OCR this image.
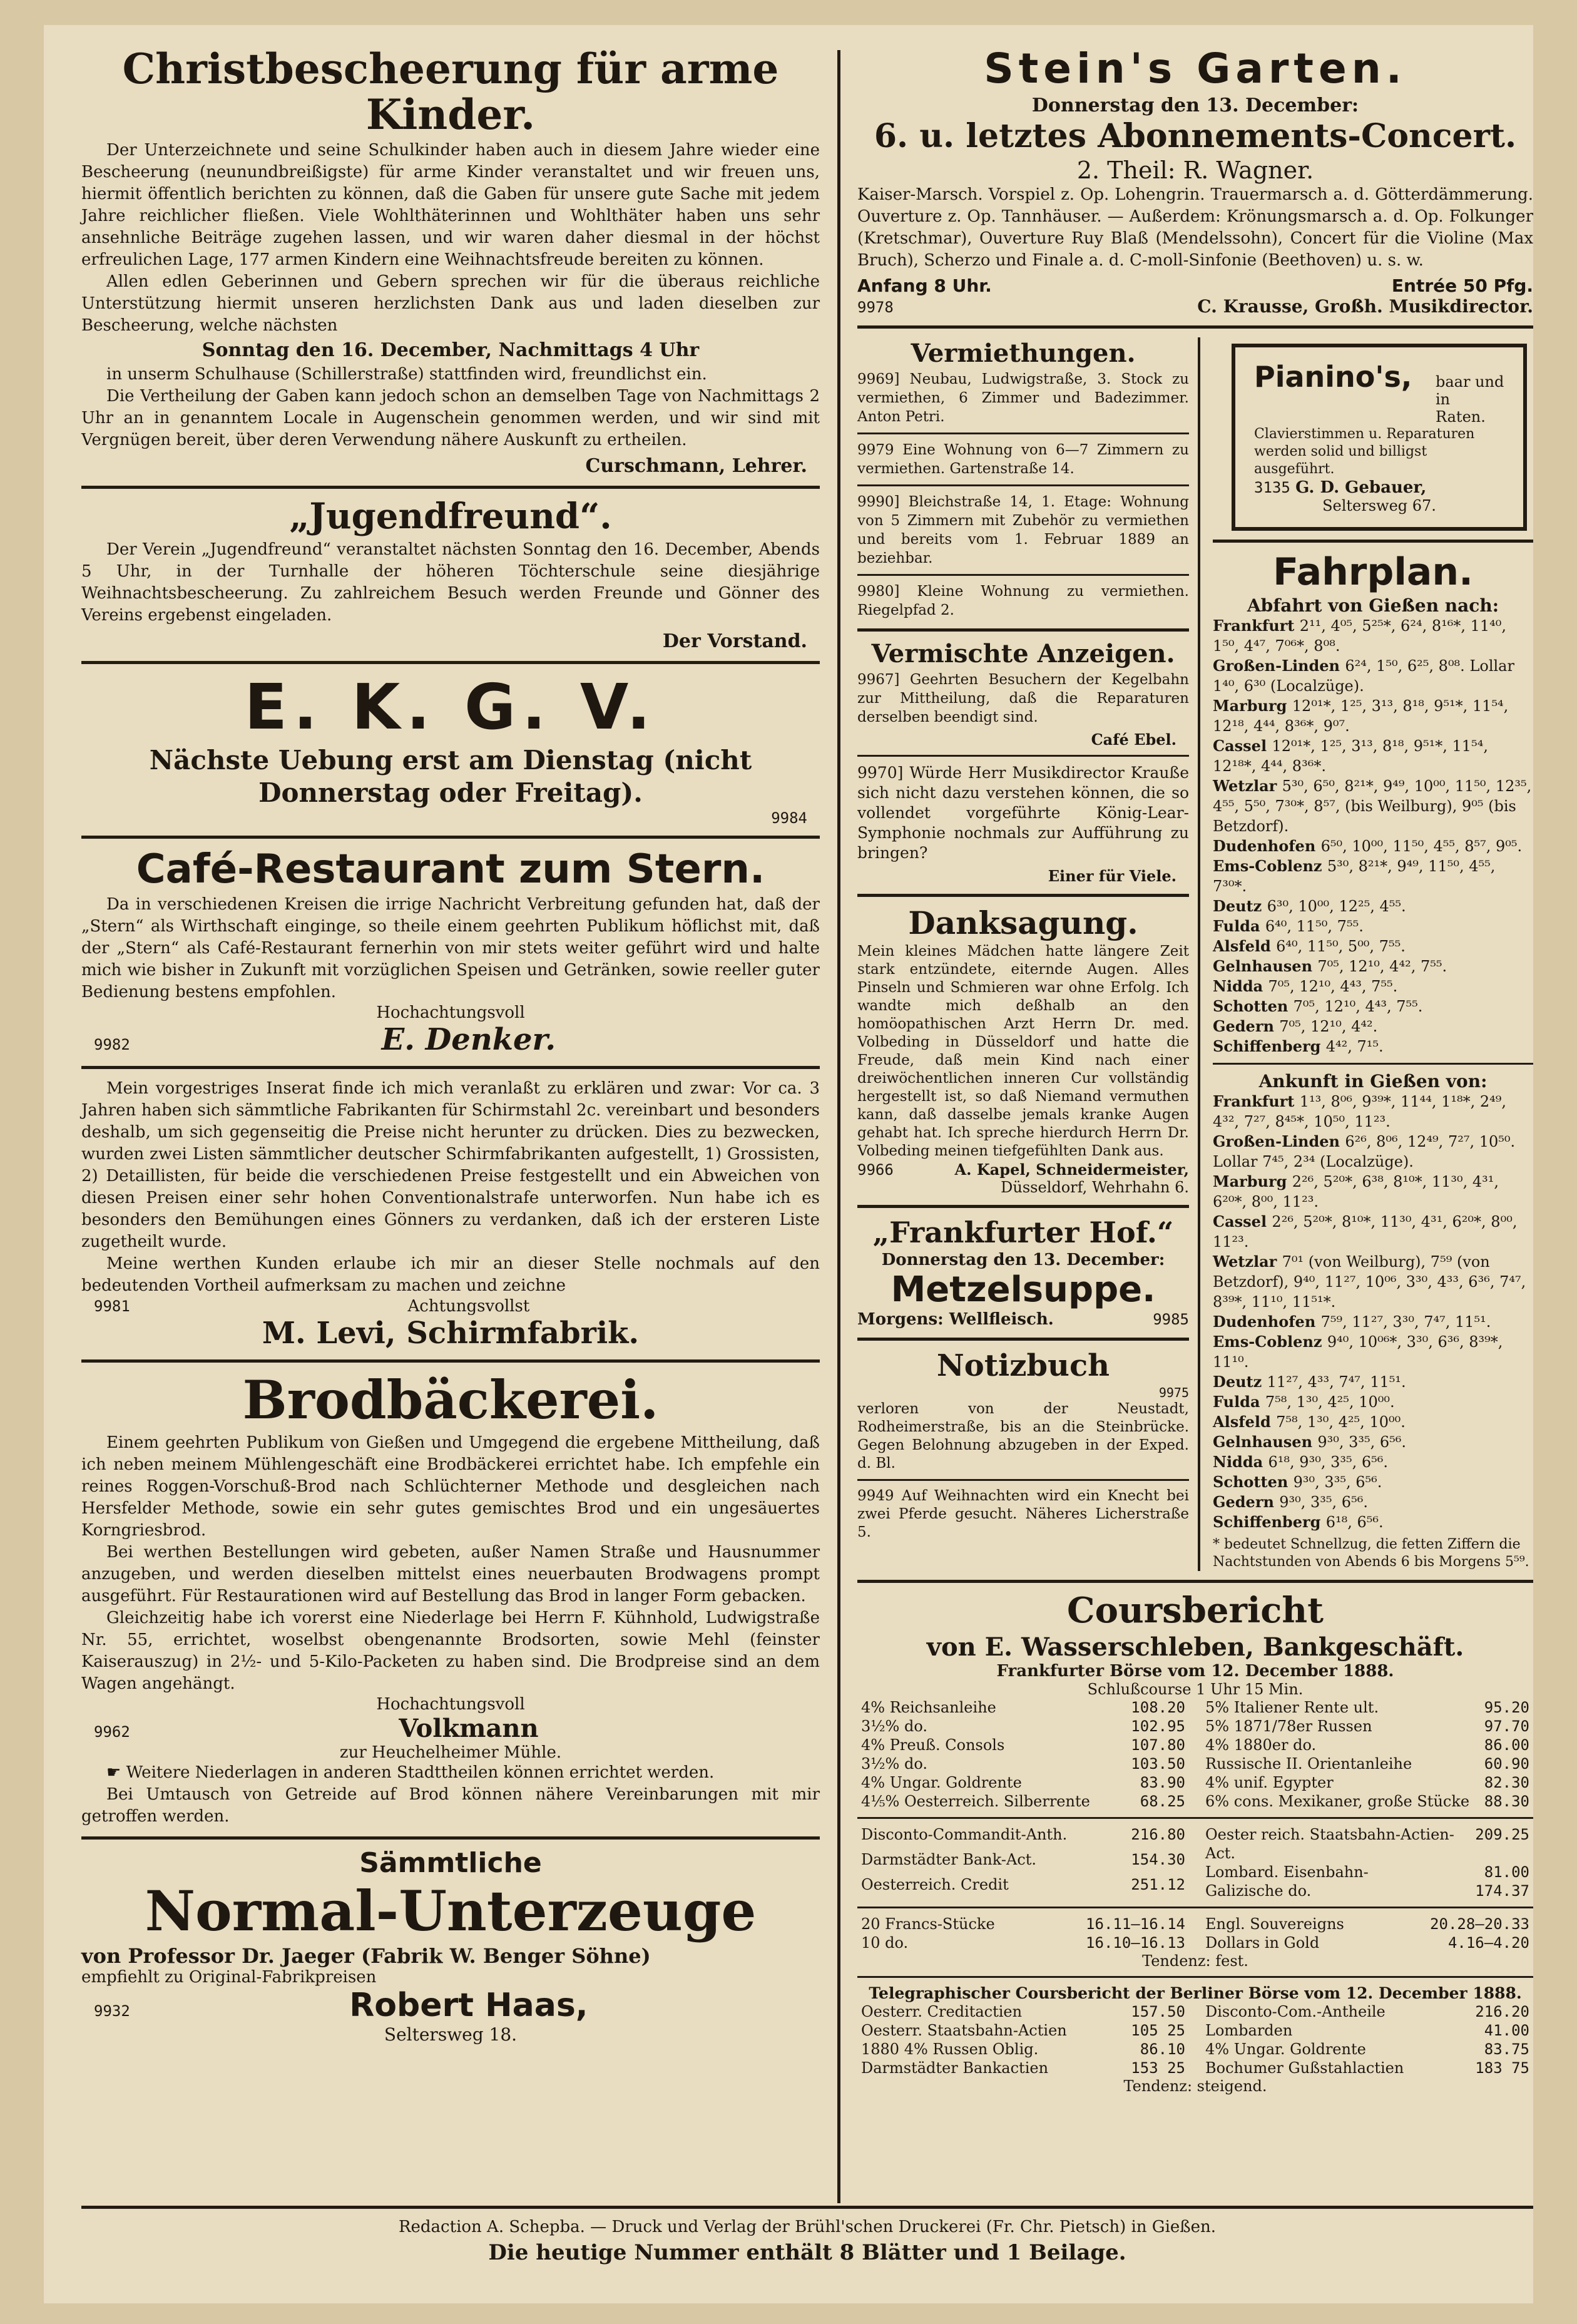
Christbescheerung für arme Kinder.

Der Unterzeichnete und seine Schulkinder haben auch in diesem Jahre wieder eine Bescheerung (neunundbreißigste) für arme Kinder veranstaltet und wir freuen uns, hiermit öffentlich berichten zu können, daß die Gaben für unsere gute Sache mit jedem Jahre reichlicher fließen. Viele Wohlthäterinnen und Wohlthäter haben uns sehr ansehnliche Beiträge zugehen lassen, und wir waren daher diesmal in der höchst erfreulichen Lage, 177 armen Kindern eine Weihnachtsfreude bereiten zu können.

Allen edlen Geberinnen und Gebern sprechen wir für die überaus reichliche Unterstützung hiermit unseren herzlichsten Dank aus und laden dieselben zur Bescheerung, welche nächsten

Sonntag den 16. December, Nachmittags 4 Uhr

in unserm Schulhause (Schillerstraße) stattfinden wird, freundlichst ein.

Die Vertheilung der Gaben kann jedoch schon an demselben Tage von Nachmittags 2 Uhr an in genanntem Locale in Augenschein genommen werden, und wir sind mit Vergnügen bereit, über deren Verwendung nähere Auskunft zu ertheilen.

Curschmann, Lehrer.
„Jugendfreund“.

Der Verein „Jugendfreund“ veranstaltet nächsten Sonntag den 16. December, Abends 5 Uhr, in der Turnhalle der höheren Töchterschule seine diesjährige Weihnachtsbescheerung. Zu zahlreichem Besuch werden Freunde und Gönner des Vereins ergebenst eingeladen.

Der Vorstand.
E. K. G. V.
Nächste Uebung erst am Dienstag (nicht Donnerstag oder Freitag).
9984
Café-Restaurant zum Stern.

Da in verschiedenen Kreisen die irrige Nachricht Verbreitung gefunden hat, daß der „Stern“ als Wirthschaft einginge, so theile einem geehrten Publikum höflichst mit, daß der „Stern“ als Café-Restaurant fernerhin von mir stets weiter geführt wird und halte mich wie bisher in Zukunft mit vorzüglichen Speisen und Getränken, sowie reeller guter Bedienung bestens empfohlen.

Hochachtungsvoll
9982	E. Denker.

Mein vorgestriges Inserat finde ich mich veranlaßt zu erklären und zwar: Vor ca. 3 Jahren haben sich sämmtliche Fabrikanten für Schirmstahl 2c. vereinbart und besonders deshalb, um sich gegenseitig die Preise nicht herunter zu drücken. Dies zu bezwecken, wurden zwei Listen sämmtlicher deutscher Schirmfabrikanten aufgestellt, 1) Grossisten, 2) Detaillisten, für beide die verschiedenen Preise festgestellt und ein Abweichen von diesen Preisen einer sehr hohen Conventionalstrafe unterworfen. Nun habe ich es besonders den Bemühungen eines Gönners zu verdanken, daß ich der ersteren Liste zugetheilt wurde.

Meine werthen Kunden erlaube ich mir an dieser Stelle nochmals auf den bedeutenden Vortheil aufmerksam zu machen und zeichne

9981	Achtungsvollst
M. Levi, Schirmfabrik.
Brodbäckerei.

Einem geehrten Publikum von Gießen und Umgegend die ergebene Mittheilung, daß ich neben meinem Mühlengeschäft eine Brodbäckerei errichtet habe. Ich empfehle ein reines Roggen-Vorschuß-Brod nach Schlüchterner Methode und desgleichen nach Hersfelder Methode, sowie ein sehr gutes gemischtes Brod und ein ungesäuertes Korngriesbrod.

Bei werthen Bestellungen wird gebeten, außer Namen Straße und Hausnummer anzugeben, und werden dieselben mittelst eines neuerbauten Brodwagens prompt ausgeführt. Für Restaurationen wird auf Bestellung das Brod in langer Form gebacken.

Gleichzeitig habe ich vorerst eine Niederlage bei Herrn F. Kühnhold, Ludwigstraße Nr. 55, errichtet, woselbst obengenannte Brodsorten, sowie Mehl (feinster Kaiserauszug) in 2½- und 5-Kilo-Packeten zu haben sind. Die Brodpreise sind an dem Wagen angehängt.

Hochachtungsvoll
9962	Volkmann
zur Heuchelheimer Mühle.

☛ Weitere Niederlagen in anderen Stadttheilen können errichtet werden.

Bei Umtausch von Getreide auf Brod können nähere Vereinbarungen mit mir getroffen werden.

Sämmtliche
Normal-Unterzeuge
von Professor Dr. Jaeger (Fabrik W. Benger Söhne)
empfiehlt zu Original-Fabrikpreisen
9932	Robert Haas,
Seltersweg 18.
Stein's Garten.
Donnerstag den 13. December:
6. u. letztes Abonnements-Concert.
2. Theil: R. Wagner.
Kaiser-Marsch. Vorspiel z. Op. Lohengrin. Trauermarsch a. d. Götterdämmerung. Ouverture z. Op. Tannhäuser. — Außerdem: Krönungsmarsch a. d. Op. Folkunger (Kretschmar), Ouverture Ruy Blaß (Mendelssohn), Concert für die Violine (Max Bruch), Scherzo und Finale a. d. C-moll-Sinfonie (Beethoven) u. s. w.
Anfang 8 Uhr.	Entrée 50 Pfg.
9978	C. Krausse, Großh. Musikdirector.
Vermiethungen.
9969] Neubau, Ludwigstraße, 3. Stock zu vermiethen, 6 Zimmer und Badezimmer. Anton Petri.
9979 Eine Wohnung von 6—7 Zimmern zu vermiethen. Gartenstraße 14.
9990] Bleichstraße 14, 1. Etage: Wohnung von 5 Zimmern mit Zubehör zu vermiethen und bereits vom 1. Februar 1889 an beziehbar.
9980] Kleine Wohnung zu vermiethen. Riegelpfad 2.
Vermischte Anzeigen.
9967] Geehrten Besuchern der Kegelbahn zur Mittheilung, daß die Reparaturen derselben beendigt sind.
Café Ebel.
9970] Würde Herr Musikdirector Krauße sich nicht dazu verstehen können, die so vollendet vorgeführte König-Lear-Symphonie nochmals zur Aufführung zu bringen?
Einer für Viele.
Danksagung.
Mein kleines Mädchen hatte längere Zeit stark entzündete, eiternde Augen. Alles Pinseln und Schmieren war ohne Erfolg. Ich wandte mich deßhalb an den homöopathischen Arzt Herrn Dr. med. Volbeding in Düsseldorf und hatte die Freude, daß mein Kind nach einer dreiwöchentlichen inneren Cur vollständig hergestellt ist, so daß Niemand vermuthen kann, daß dasselbe jemals kranke Augen gehabt hat. Ich spreche hierdurch Herrn Dr. Volbeding meinen tiefgefühlten Dank aus.
9966	A. Kapel, Schneidermeister,
Düsseldorf, Wehrhahn 6.
„Frankfurter Hof.“
Donnerstag den 13. December:
Metzelsuppe.
Morgens: Wellfleisch.	9985
Notizbuch
9975
verloren von der Neustadt, Rodheimerstraße, bis an die Steinbrücke. Gegen Belohnung abzugeben in der Exped. d. Bl.
9949 Auf Weihnachten wird ein Knecht bei zwei Pferde gesucht. Näheres Licherstraße 5.
Pianino's, baar und in Raten.
Clavierstimmen u. Reparaturen werden solid und billigst ausgeführt.
3135 G. D. Gebauer,
Seltersweg 67.
Fahrplan.
Abfahrt von Gießen nach:
Frankfurt 2¹¹, 4⁰⁵, 5²⁵*, 6²⁴, 8¹⁶*, 11⁴⁰, 1⁵⁰, 4⁴⁷, 7⁰⁶*, 8⁰⁸.
Großen-Linden 6²⁴, 1⁵⁰, 6²⁵, 8⁰⁸. Lollar 1⁴⁰, 6³⁰ (Localzüge).
Marburg 12⁰¹*, 1²⁵, 3¹³, 8¹⁸, 9⁵¹*, 11⁵⁴, 12¹⁸, 4⁴⁴, 8³⁶*, 9⁰⁷.
Cassel 12⁰¹*, 1²⁵, 3¹³, 8¹⁸, 9⁵¹*, 11⁵⁴, 12¹⁸*, 4⁴⁴, 8³⁶*.
Wetzlar 5³⁰, 6⁵⁰, 8²¹*, 9⁴⁹, 10⁰⁰, 11⁵⁰, 12³⁵, 4⁵⁵, 5⁵⁰, 7³⁰*, 8⁵⁷, (bis Weilburg), 9⁰⁵ (bis Betzdorf).
Dudenhofen 6⁵⁰, 10⁰⁰, 11⁵⁰, 4⁵⁵, 8⁵⁷, 9⁰⁵.
Ems-Coblenz 5³⁰, 8²¹*, 9⁴⁹, 11⁵⁰, 4⁵⁵, 7³⁰*.
Deutz 6³⁰, 10⁰⁰, 12²⁵, 4⁵⁵.
Fulda 6⁴⁰, 11⁵⁰, 7⁵⁵.
Alsfeld 6⁴⁰, 11⁵⁰, 5⁰⁰, 7⁵⁵.
Gelnhausen 7⁰⁵, 12¹⁰, 4⁴², 7⁵⁵.
Nidda 7⁰⁵, 12¹⁰, 4⁴³, 7⁵⁵.
Schotten 7⁰⁵, 12¹⁰, 4⁴³, 7⁵⁵.
Gedern 7⁰⁵, 12¹⁰, 4⁴².
Schiffenberg 4⁴², 7¹⁵.
Ankunft in Gießen von:
Frankfurt 1¹³, 8⁰⁶, 9³⁹*, 11⁴⁴, 1¹⁸*, 2⁴⁹, 4³², 7²⁷, 8⁴⁵*, 10⁵⁰, 11²³.
Großen-Linden 6²⁶, 8⁰⁶, 12⁴⁹, 7²⁷, 10⁵⁰. Lollar 7⁴⁵, 2³⁴ (Localzüge).
Marburg 2²⁶, 5²⁰*, 6³⁸, 8¹⁰*, 11³⁰, 4³¹, 6²⁰*, 8⁰⁰, 11²³.
Cassel 2²⁶, 5²⁰*, 8¹⁰*, 11³⁰, 4³¹, 6²⁰*, 8⁰⁰, 11²³.
Wetzlar 7⁰¹ (von Weilburg), 7⁵⁹ (von Betzdorf), 9⁴⁰, 11²⁷, 10⁰⁶, 3³⁰, 4³³, 6³⁶, 7⁴⁷, 8³⁹*, 11¹⁰, 11⁵¹*.
Dudenhofen 7⁵⁹, 11²⁷, 3³⁰, 7⁴⁷, 11⁵¹.
Ems-Coblenz 9⁴⁰, 10⁰⁶*, 3³⁰, 6³⁶, 8³⁹*, 11¹⁰.
Deutz 11²⁷, 4³³, 7⁴⁷, 11⁵¹.
Fulda 7⁵⁸, 1³⁰, 4²⁵, 10⁰⁰.
Alsfeld 7⁵⁸, 1³⁰, 4²⁵, 10⁰⁰.
Gelnhausen 9³⁰, 3³⁵, 6⁵⁶.
Nidda 6¹⁸, 9³⁰, 3³⁵, 6⁵⁶.
Schotten 9³⁰, 3³⁵, 6⁵⁶.
Gedern 9³⁰, 3³⁵, 6⁵⁶.
Schiffenberg 6¹⁸, 6⁵⁶.
* bedeutet Schnellzug, die fetten Ziffern die Nachtstunden von Abends 6 bis Morgens 5⁵⁹.
Coursbericht
von E. Wasserschleben, Bankgeschäft.
Frankfurter Börse vom 12. December 1888.
Schlußcourse 1 Uhr 15 Min.
4% Reichsanleihe	108.20
3½% do.	102.95
4% Preuß. Consols	107.80
3½% do.	103.50
4% Ungar. Goldrente	83.90
4⅕% Oesterreich. Silberrente	68.25
5% Italiener Rente ult.	95.20
5% 1871/78er Russen	97.70
4% 1880er do.	86.00
Russische II. Orientanleihe	60.90
4% unif. Egypter	82.30
6% cons. Mexikaner, große Stücke	88.30
Disconto-Commandit-Anth.	216.80
Darmstädter Bank-Act.	154.30
Oesterreich. Credit	251.12
Oester reich. Staatsbahn-Actien-Act.	209.25
Lombard. Eisenbahn-	81.00
Galizische do.	174.37
20 Francs-Stücke	16.11—16.14
10 do.	16.10—16.13
Engl. Souvereigns	20.28—20.33
Dollars in Gold	4.16—4.20
Tendenz: fest.
Telegraphischer Coursbericht der Berliner Börse vom 12. December 1888.
Oesterr. Creditactien	157.50
Oesterr. Staatsbahn-Actien	105 25
1880 4% Russen Oblig.	86.10
Darmstädter Bankactien	153 25
Disconto-Com.-Antheile	216.20
Lombarden	41.00
4% Ungar. Goldrente	83.75
Bochumer Gußstahlactien	183 75
Tendenz: steigend.
Redaction A. Schepba. — Druck und Verlag der Brühl'schen Druckerei (Fr. Chr. Pietsch) in Gießen.
Die heutige Nummer enthält 8 Blätter und 1 Beilage.
